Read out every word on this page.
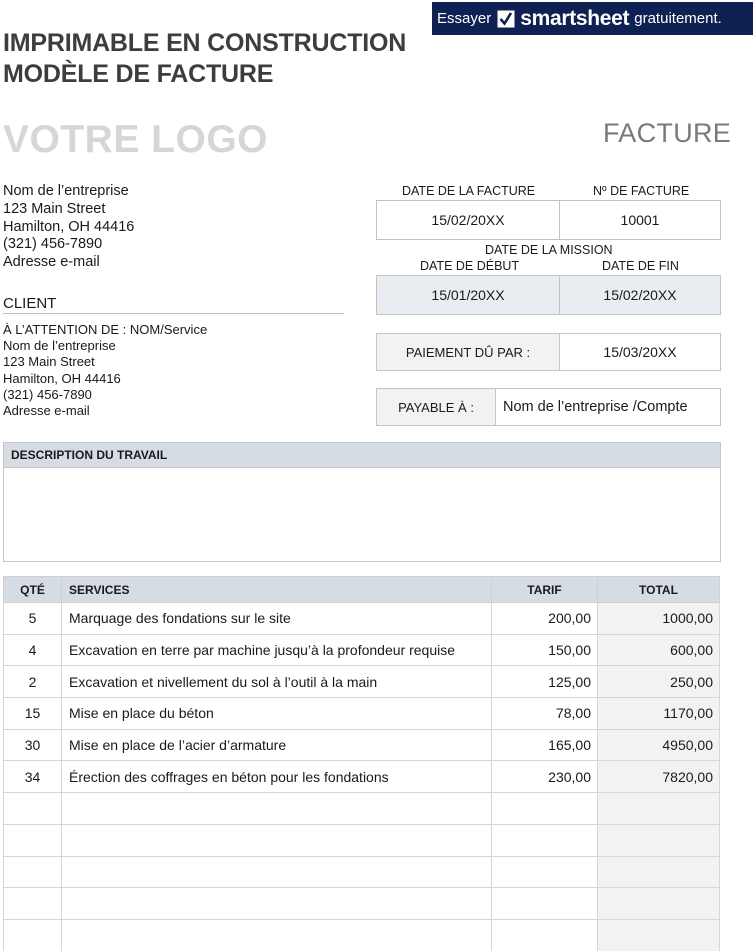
Essayer smartsheet gratuitement.
IMPRIMABLE EN CONSTRUCTION
MODÈLE DE FACTURE
VOTRE LOGO	FACTURE
Nom de l’entreprise
123 Main Street
Hamilton, OH 44416
(321) 456-7890
Adresse e-mail
CLIENT
À L’ATTENTION DE : NOM/Service
Nom de l’entreprise
123 Main Street
Hamilton, OH 44416
(321) 456-7890
Adresse e-mail
DATE DE LA FACTURE	Nº DE FACTURE
15/02/20XX	10001
DATE DE LA MISSION
DATE DE DÉBUT	DATE DE FIN
15/01/20XX	15/02/20XX
PAIEMENT DÛ PAR :	15/03/20XX
PAYABLE À :	Nom de l’entreprise /Compte
DESCRIPTION DU TRAVAIL
QTÉ	SERVICES	TARIF	TOTAL
5	Marquage des fondations sur le site	200,00	1000,00
4	Excavation en terre par machine jusqu’à la profondeur requise	150,00	600,00
2	Excavation et nivellement du sol à l’outil à la main	125,00	250,00
15	Mise en place du béton	78,00	1170,00
30	Mise en place de l’acier d’armature	165,00	4950,00
34	Érection des coffrages en béton pour les fondations	230,00	7820,00
